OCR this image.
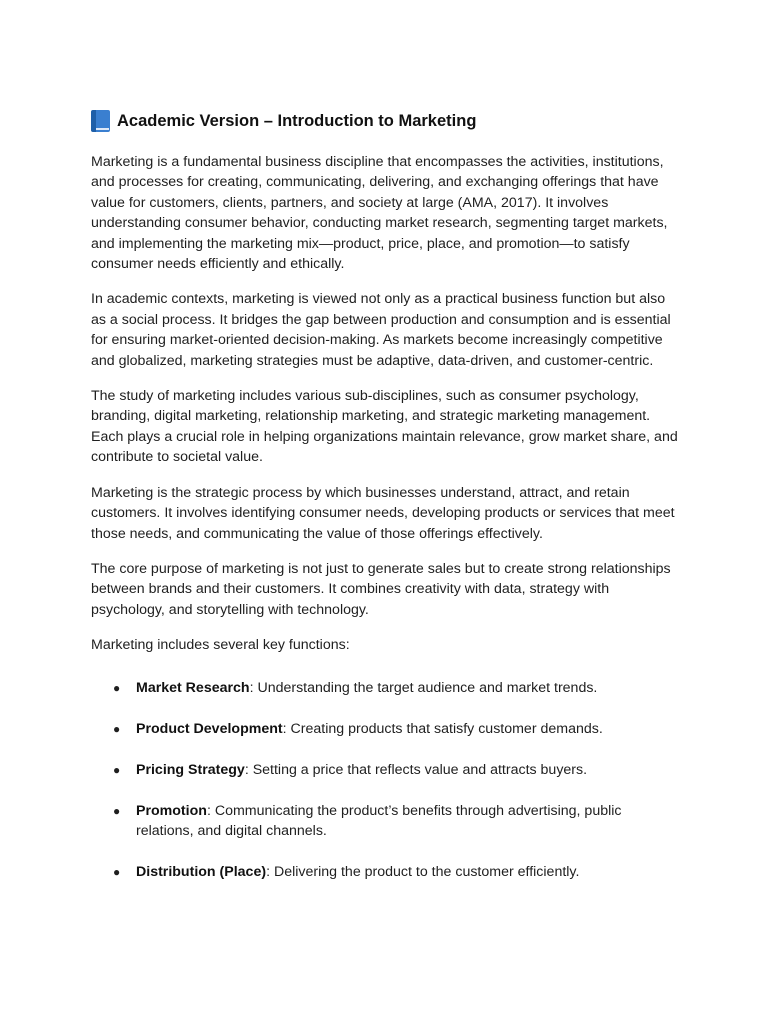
Academic Version – Introduction to Marketing

Marketing is a fundamental business discipline that encompasses the activities, institutions, and processes for creating, communicating, delivering, and exchanging offerings that have value for customers, clients, partners, and society at large (AMA, 2017). It involves understanding consumer behavior, conducting market research, segmenting target markets, and implementing the marketing mix—product, price, place, and promotion—to satisfy consumer needs efficiently and ethically.

In academic contexts, marketing is viewed not only as a practical business function but also as a social process. It bridges the gap between production and consumption and is essential for ensuring market-oriented decision-making. As markets become increasingly competitive and globalized, marketing strategies must be adaptive, data-driven, and customer-centric.

The study of marketing includes various sub-disciplines, such as consumer psychology, branding, digital marketing, relationship marketing, and strategic marketing management. Each plays a crucial role in helping organizations maintain relevance, grow market share, and contribute to societal value.

Marketing is the strategic process by which businesses understand, attract, and retain customers. It involves identifying consumer needs, developing products or services that meet those needs, and communicating the value of those offerings effectively.

The core purpose of marketing is not just to generate sales but to create strong relationships between brands and their customers. It combines creativity with data, strategy with psychology, and storytelling with technology.

Marketing includes several key functions:

● Market Research: Understanding the target audience and market trends.
● Product Development: Creating products that satisfy customer demands.
● Pricing Strategy: Setting a price that reflects value and attracts buyers.
● Promotion: Communicating the product’s benefits through advertising, public relations, and digital channels.
● Distribution (Place): Delivering the product to the customer efficiently.
